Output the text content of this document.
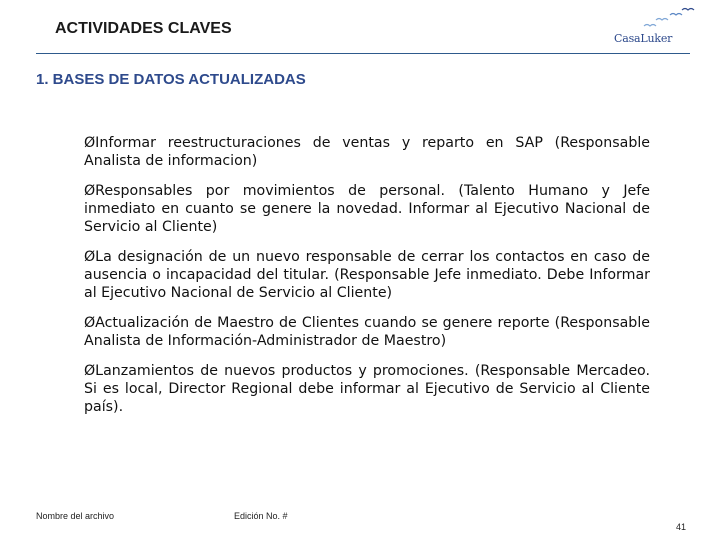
ACTIVIDADES CLAVES
CasaLuker
1. BASES DE DATOS ACTUALIZADAS
ØInformar reestructuraciones de ventas y reparto en SAP (Responsable Analista de informacion)
ØResponsables por movimientos de personal. (Talento Humano y Jefe inmediato en cuanto se genere la novedad. Informar al Ejecutivo Nacional de Servicio al Cliente)
ØLa designación de un nuevo responsable de cerrar los contactos en caso de ausencia o incapacidad del titular. (Responsable Jefe inmediato. Debe Informar al Ejecutivo Nacional de Servicio al Cliente)
ØActualización de Maestro de Clientes cuando se genere reporte (Responsable Analista de Información-Administrador de Maestro)
ØLanzamientos de nuevos productos y promociones. (Responsable Mercadeo. Si es local, Director Regional debe informar al Ejecutivo de Servicio al Cliente país).
Nombre del archivo	Edición No. #
41
